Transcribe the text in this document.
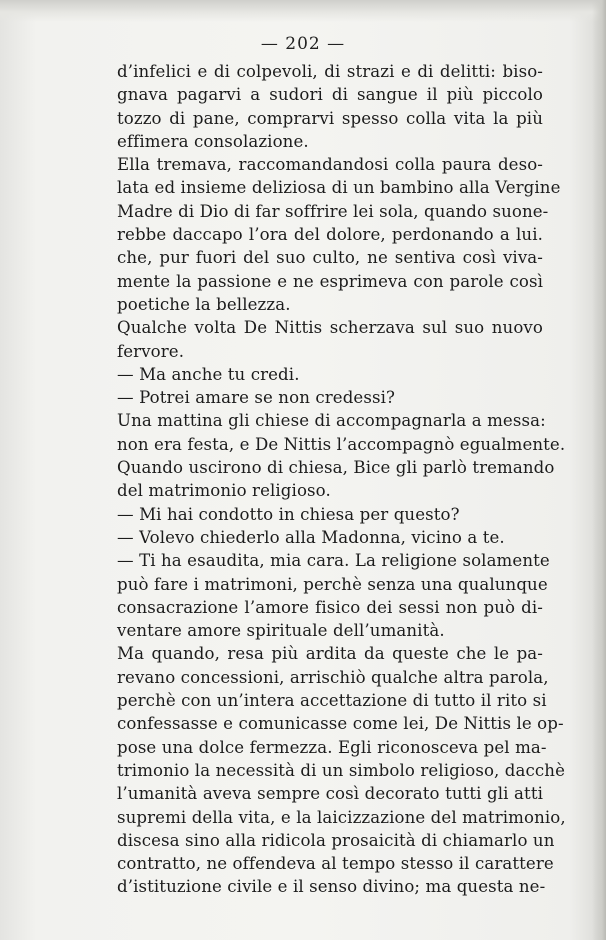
— 202 —
d’infelici e di colpevoli, di strazi e di delitti: biso-
gnava pagarvi a sudori di sangue il più piccolo
tozzo di pane, comprarvi spesso colla vita la più
effimera consolazione.
Ella tremava, raccomandandosi colla paura deso-
lata ed insieme deliziosa di un bambino alla Vergine
Madre di Dio di far soffrire lei sola, quando suone-
rebbe daccapo l’ora del dolore, perdonando a lui.
che, pur fuori del suo culto, ne sentiva così viva-
mente la passione e ne esprimeva con parole così
poetiche la bellezza.
Qualche volta De Nittis scherzava sul suo nuovo
fervore.
— Ma anche tu credi.
— Potrei amare se non credessi?
Una mattina gli chiese di accompagnarla a messa:
non era festa, e De Nittis l’accompagnò egualmente.
Quando uscirono di chiesa, Bice gli parlò tremando
del matrimonio religioso.
— Mi hai condotto in chiesa per questo?
— Volevo chiederlo alla Madonna, vicino a te.
— Ti ha esaudita, mia cara. La religione solamente
può fare i matrimoni, perchè senza una qualunque
consacrazione l’amore fisico dei sessi non può di-
ventare amore spirituale dell’umanità.
Ma quando, resa più ardita da queste che le pa-
revano concessioni, arrischiò qualche altra parola,
perchè con un’intera accettazione di tutto il rito si
confessasse e comunicasse come lei, De Nittis le op-
pose una dolce fermezza. Egli riconosceva pel ma-
trimonio la necessità di un simbolo religioso, dacchè
l’umanità aveva sempre così decorato tutti gli atti
supremi della vita, e la laicizzazione del matrimonio,
discesa sino alla ridicola prosaicità di chiamarlo un
contratto, ne offendeva al tempo stesso il carattere
d’istituzione civile e il senso divino; ma questa ne-
